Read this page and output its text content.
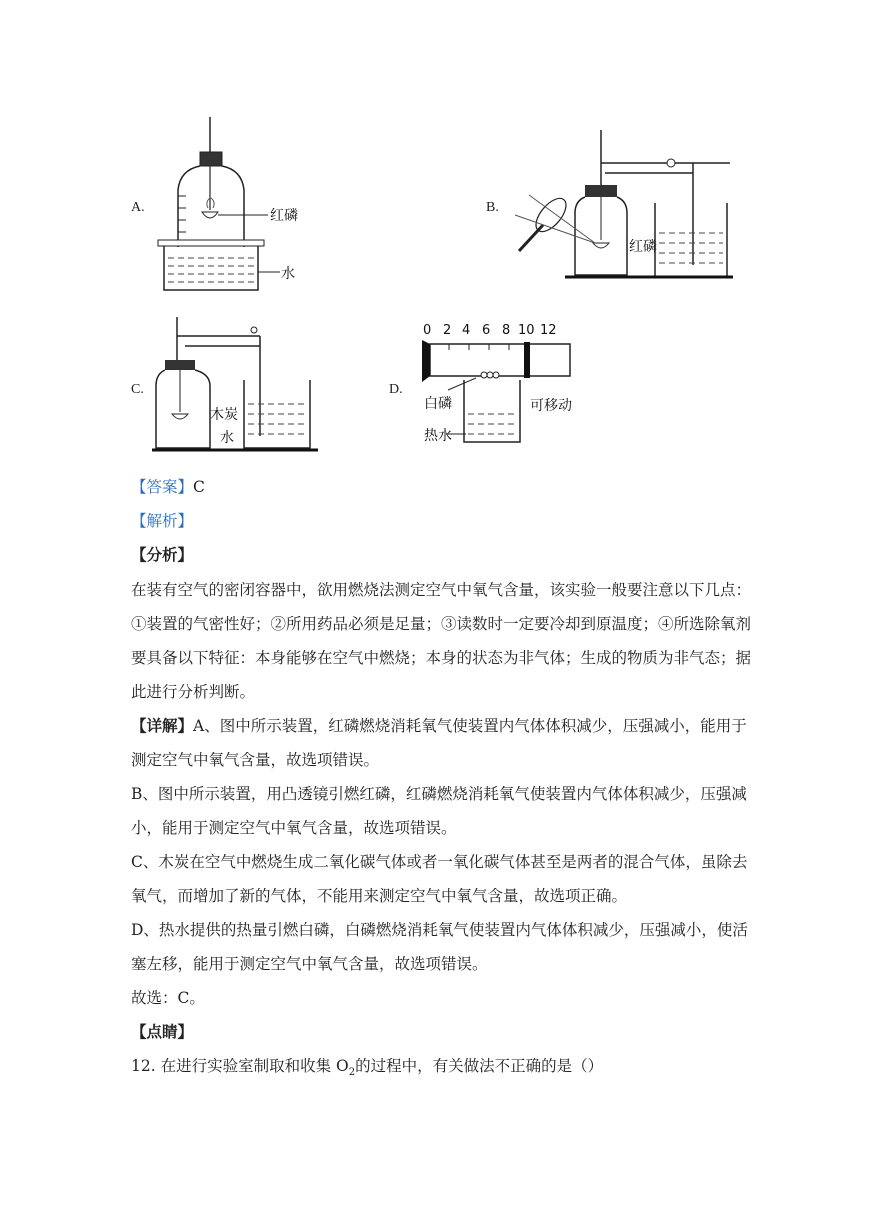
A.
红磷
水
B.
红磷
C.
木炭
水
D.
0 2 4 6 8 10 12
白磷
热水
可移动
【答案】C
【解析】
【分析】
在装有空气的密闭容器中，欲用燃烧法测定空气中氧气含量，该实验一般要注意以下几点：
①装置的气密性好；②所用药品必须是足量；③读数时一定要冷却到原温度；④所选除氧剂
要具备以下特征：本身能够在空气中燃烧；本身的状态为非气体；生成的物质为非气态；据
此进行分析判断。
【详解】A、图中所示装置，红磷燃烧消耗氧气使装置内气体体积减少，压强减小，能用于
测定空气中氧气含量，故选项错误。
B、图中所示装置，用凸透镜引燃红磷，红磷燃烧消耗氧气使装置内气体体积减少，压强减
小，能用于测定空气中氧气含量，故选项错误。
C、木炭在空气中燃烧生成二氧化碳气体或者一氧化碳气体甚至是两者的混合气体，虽除去
氧气，而增加了新的气体，不能用来测定空气中氧气含量，故选项正确。
D、热水提供的热量引燃白磷，白磷燃烧消耗氧气使装置内气体体积减少，压强减小，使活
塞左移，能用于测定空气中氧气含量，故选项错误。
故选：C。
【点睛】
12. 在进行实验室制取和收集 $O_2$的过程中，有关做法不正确的是（）
